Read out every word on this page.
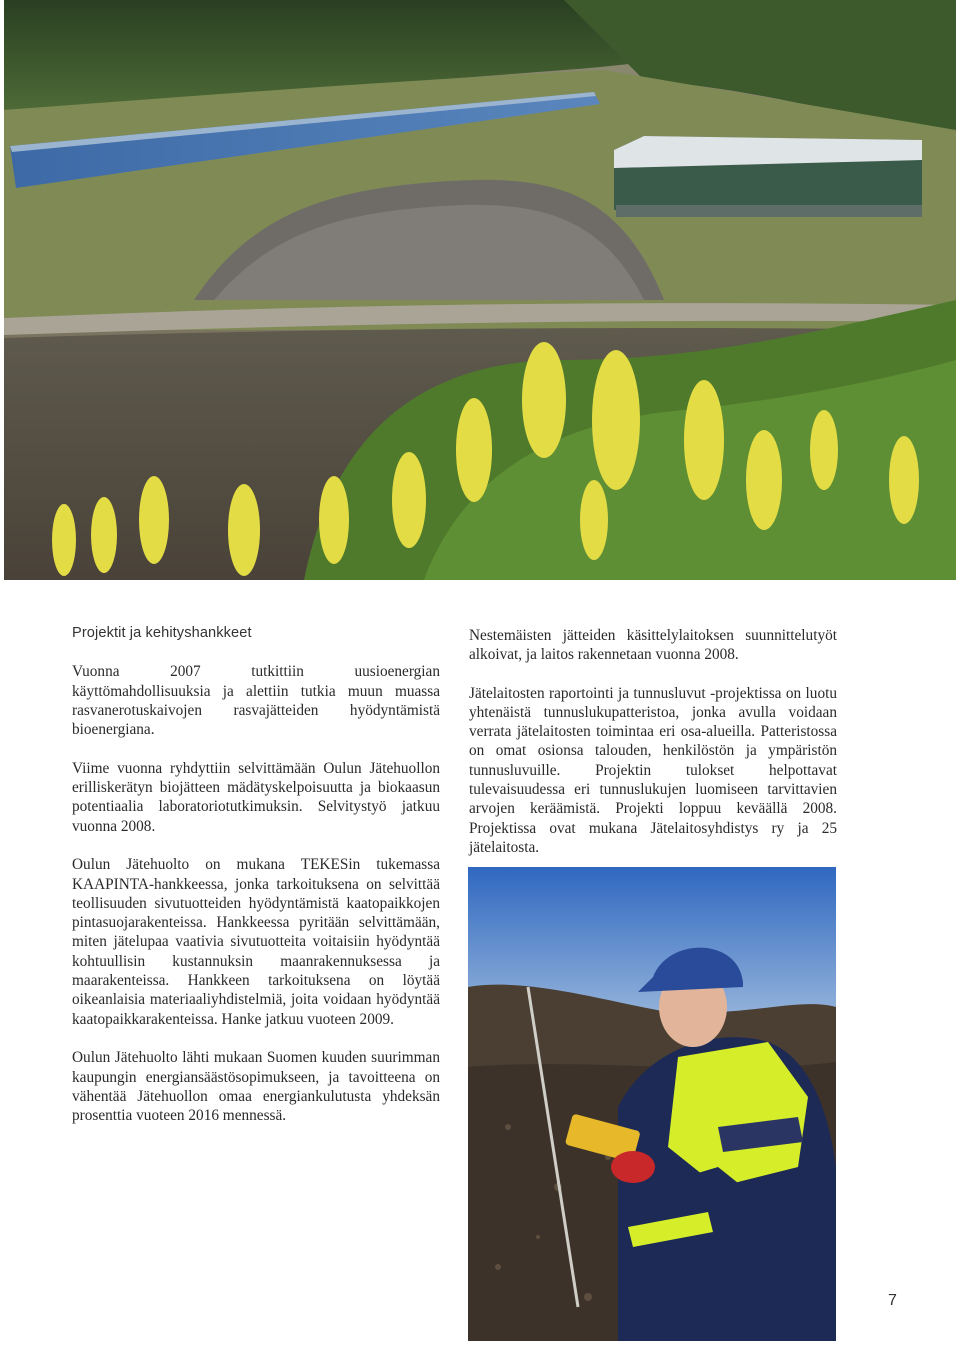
Projektit ja kehityshankkeet

Vuonna 2007 tutkittiin uusioenergian käyttömahdollisuuksia ja alettiin tutkia muun muassa rasvanerotuskaivojen rasvajätteiden hyödyntämistä bioenergiana.

Viime vuonna ryhdyttiin selvittämään Oulun Jätehuollon erilliskerätyn biojätteen mädätyskelpoisuutta ja biokaasun potentiaalia laboratoriotutkimuksin. Selvitystyö jatkuu vuonna 2008.

Oulun Jätehuolto on mukana TEKESin tukemassa KAAPINTA-hankkeessa, jonka tarkoituksena on selvittää teollisuuden sivutuotteiden hyödyntämistä kaatopaikkojen pintasuojarakenteissa. Hankkeessa pyritään selvittämään, miten jätelupaa vaativia sivutuotteita voitaisiin hyödyntää kohtuullisin kustannuksin maanrakennuksessa ja maarakenteissa. Hankkeen tarkoituksena on löytää oikeanlaisia materiaaliyhdistelmiä, joita voidaan hyödyntää kaatopaikkarakenteissa. Hanke jatkuu vuoteen 2009.

Oulun Jätehuolto lähti mukaan Suomen kuuden suurimman kaupungin energiansäästösopimukseen, ja tavoitteena on vähentää Jätehuollon omaa energiankulutusta yhdeksän prosenttia vuoteen 2016 mennessä.

Nestemäisten jätteiden käsittelylaitoksen suunnittelutyöt alkoivat, ja laitos rakennetaan vuonna 2008.

Jätelaitosten raportointi ja tunnusluvut -projektissa on luotu yhtenäistä tunnuslukupatteristoa, jonka avulla voidaan verrata jätelaitosten toimintaa eri osa-alueilla. Patteristossa on omat osionsa talouden, henkilöstön ja ympäristön tunnusluvuille. Projektin tulokset helpottavat tulevaisuudessa eri tunnuslukujen luomiseen tarvittavien arvojen keräämistä. Projekti loppuu keväällä 2008. Projektissa ovat mukana Jätelaitosyhdistys ry ja 25 jätelaitosta.

7
